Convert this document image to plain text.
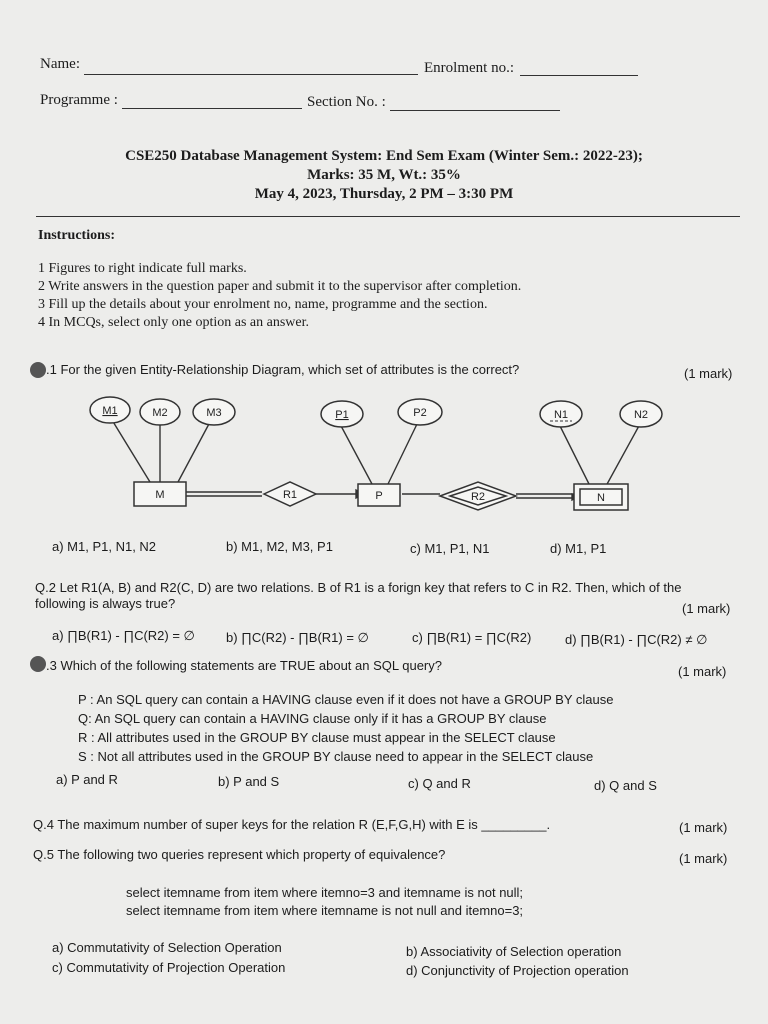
Name:	Enrolment no.:
Programme :	Section No. :
CSE250 Database Management System: End Sem Exam (Winter Sem.: 2022-23);
Marks: 35 M, Wt.: 35%
May 4, 2023, Thursday, 2 PM – 3:30 PM
Instructions:
1 Figures to right indicate full marks.
2 Write answers in the question paper and submit it to the supervisor after completion.
3 Fill up the details about your enrolment no, name, programme and the section.
4 In MCQs, select only one option as an answer.
.1 For the given Entity-Relationship Diagram, which set of attributes is the correct?	(1 mark)
M1	M2	M3	P1	P2	N1	N2
M	P	N
R1	R2
a) M1, P1, N1, N2	b) M1, M2, M3, P1	c) M1, P1, N1	d) M1, P1
Q.2 Let R1(A, B) and R2(C, D) are two relations. B of R1 is a forign key that refers to C in R2. Then, which of the
following is always true?	(1 mark)
a) ∏B(R1) - ∏C(R2) = ∅ b) ∏C(R2) - ∏B(R1) = ∅	c) ∏B(R1) = ∏C(R2)	d) ∏B(R1) - ∏C(R2) ≠ ∅
.3 Which of the following statements are TRUE about an SQL query?	(1 mark)
P : An SQL query can contain a HAVING clause even if it does not have a GROUP BY clause
Q: An SQL query can contain a HAVING clause only if it has a GROUP BY clause
R : All attributes used in the GROUP BY clause must appear in the SELECT clause
S : Not all attributes used in the GROUP BY clause need to appear in the SELECT clause
a) P and R	b) P and S	c) Q and R	d) Q and S
Q.4 The maximum number of super keys for the relation R (E,F,G,H) with E is _________.	(1 mark)
Q.5 The following two queries represent which property of equivalence?	(1 mark)
select itemname from item where itemno=3 and itemname is not null;
select itemname from item where itemname is not null and itemno=3;
a) Commutativity of Selection Operation	b) Associativity of Selection operation
c) Commutativity of Projection Operation	d) Conjunctivity of Projection operation
